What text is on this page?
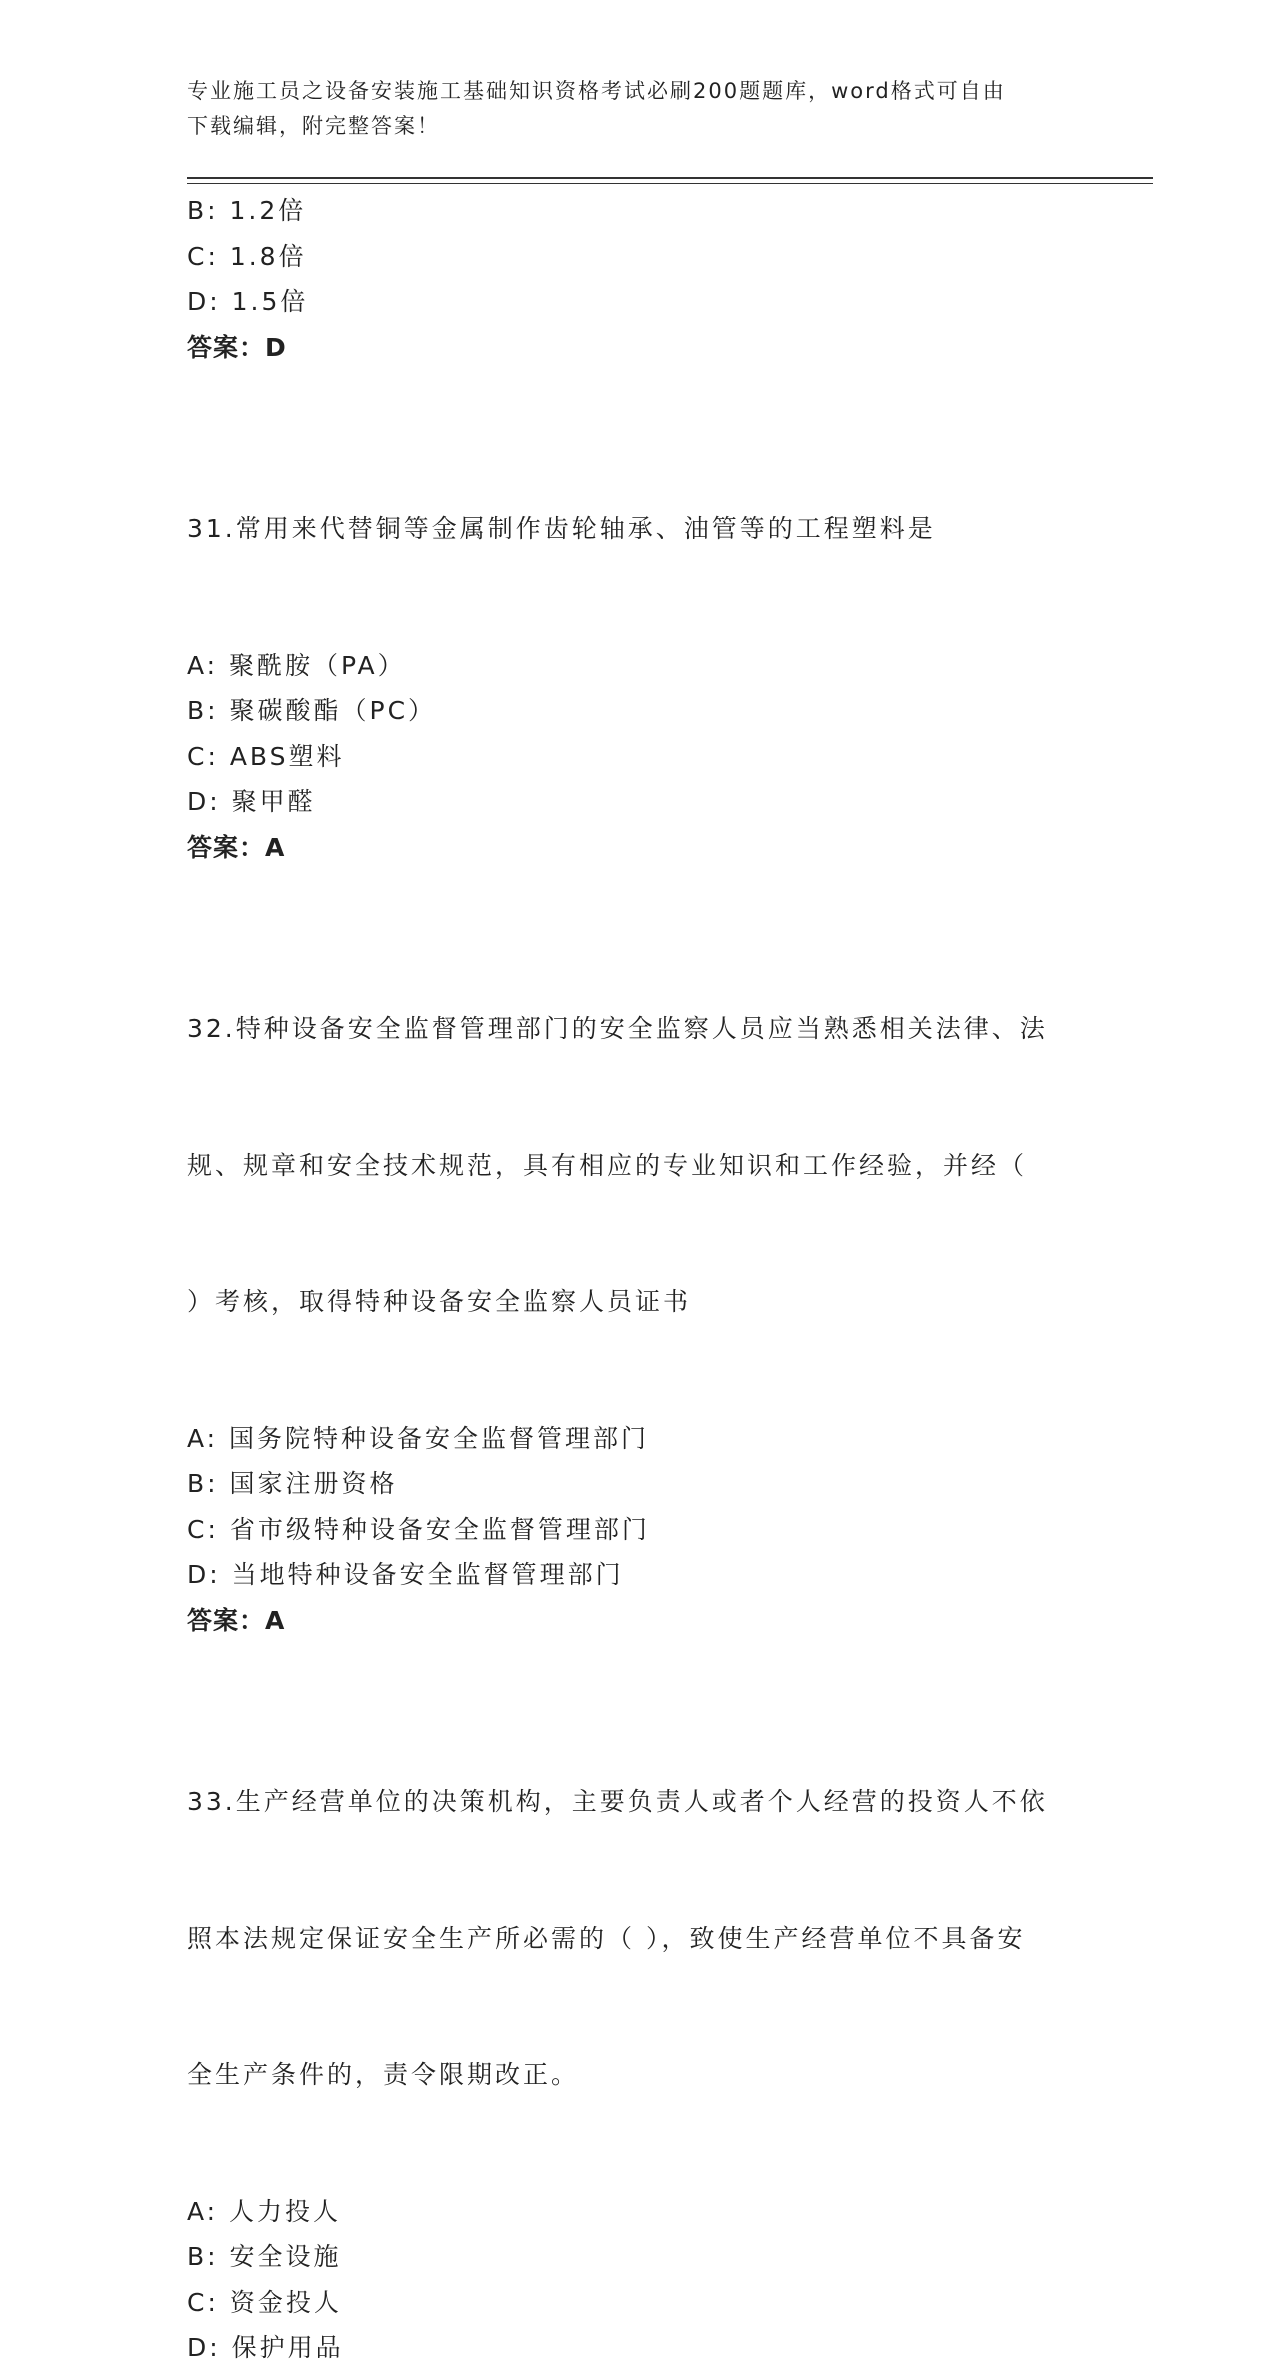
专业施工员之设备安装施工基础知识资格考试必刷200题题库，word格式可自由
下载编辑，附完整答案！
B: 1.2倍
C: 1.8倍
D: 1.5倍
答案：D

31.常用来代替铜等金属制作齿轮轴承、油管等的工程塑料是

A: 聚酰胺（PA）
B: 聚碳酸酯（PC）
C: ABS塑料
D: 聚甲醛
答案：A

32.特种设备安全监督管理部门的安全监察人员应当熟悉相关法律、法

规、规章和安全技术规范，具有相应的专业知识和工作经验，并经（

）考核，取得特种设备安全监察人员证书

A: 国务院特种设备安全监督管理部门
B: 国家注册资格
C: 省市级特种设备安全监督管理部门
D: 当地特种设备安全监督管理部门
答案：A

33.生产经营单位的决策机构，主要负责人或者个人经营的投资人不依

照本法规定保证安全生产所必需的（ ），致使生产经营单位不具备安

全生产条件的，责令限期改正。

A: 人力投人
B: 安全设施
C: 资金投人
D: 保护用品
